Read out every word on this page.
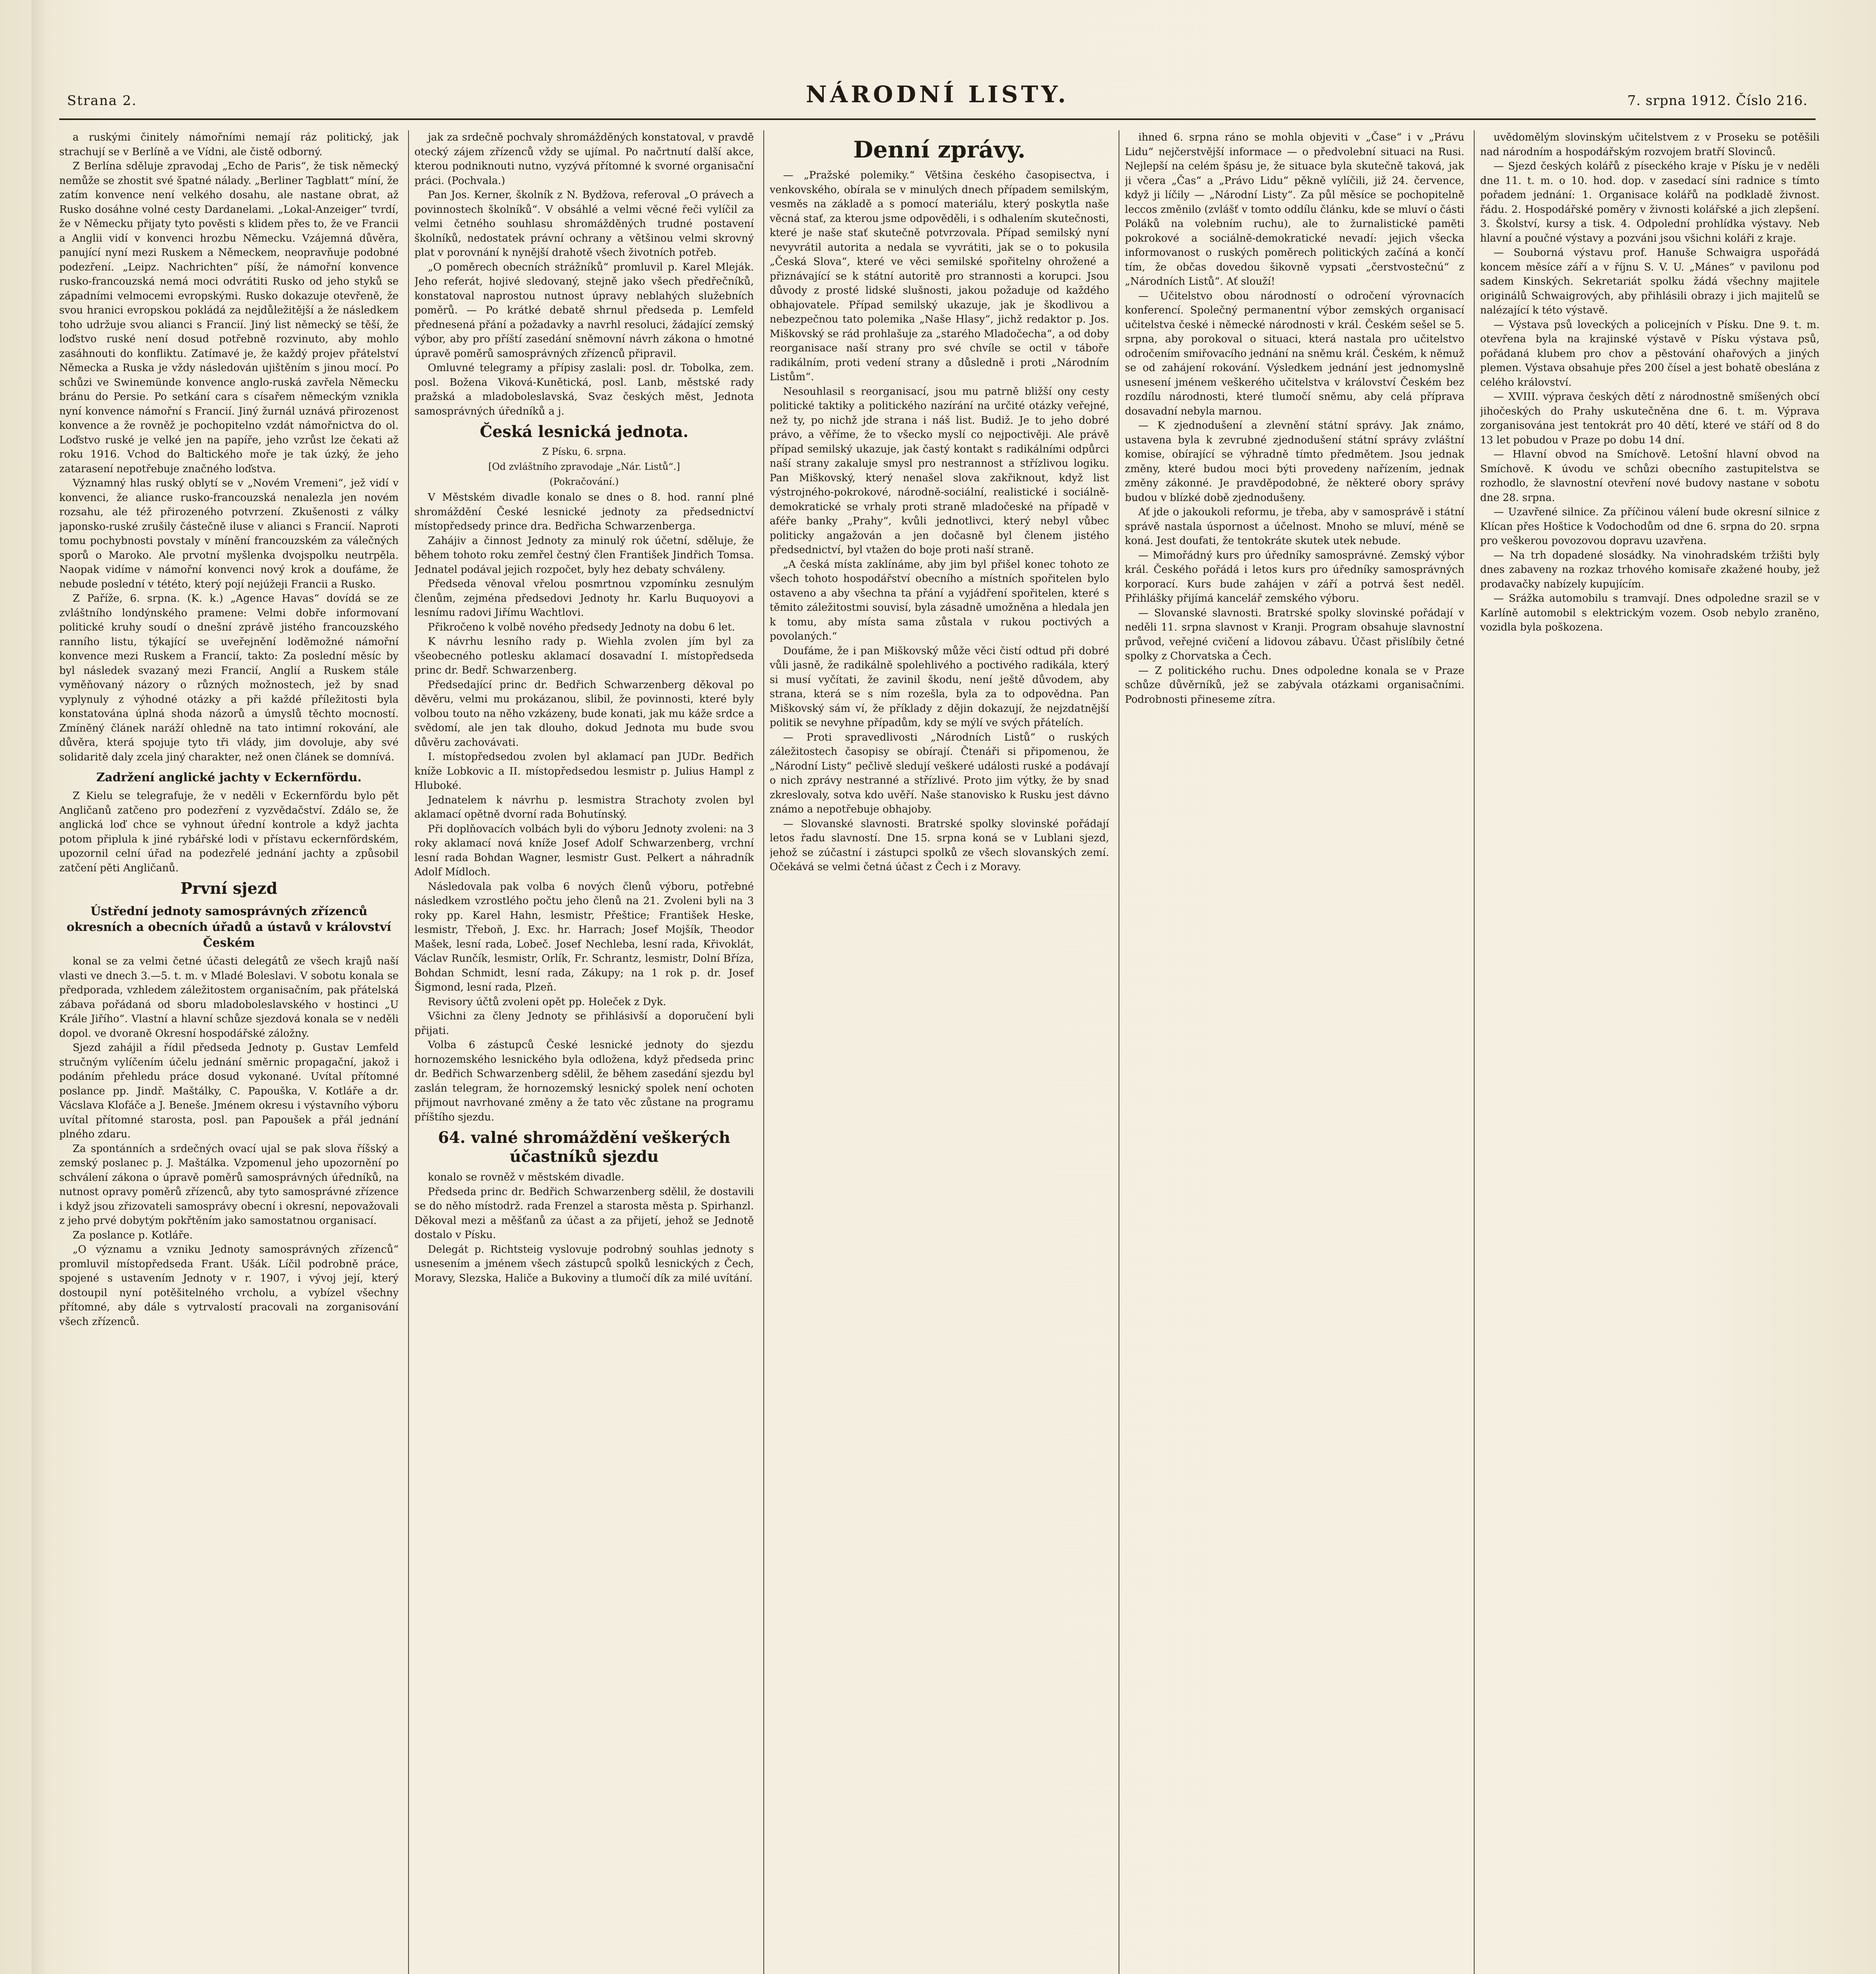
Strana 2.	NÁRODNÍ LISTY.	7. srpna 1912. Číslo 216.

a ruskými činitely námořními nemají ráz politický, jak strachují se v Berlíně a ve Vídni, ale čistě odborný.

Z Berlína sděluje zpravodaj „Echo de Paris“, že tisk německý nemůže se zhostit své špatné nálady. „Berliner Tagblatt“ míní, že zatím konvence není velkého dosahu, ale nastane obrat, až Rusko dosáhne volné cesty Dardanelami. „Lokal-Anzeiger“ tvrdí, že v Německu přijaty tyto pověsti s klidem přes to, že ve Francii a Anglii vidí v konvenci hrozbu Německu. Vzájemná důvěra, panující nyní mezi Ruskem a Německem, neopravňuje podobné podezření. „Leipz. Nachrichten“ píší, že námořní konvence rusko-francouzská nemá moci odvrátiti Rusko od jeho styků se západními velmocemi evropskými. Rusko dokazuje otevřeně, že svou hranici evropskou pokládá za nejdůležitější a že následkem toho udržuje svou alianci s Francií. Jiný list německý se těší, že loďstvo ruské není dosud potřebně rozvinuto, aby mohlo zasáhnouti do konfliktu. Zatímavé je, že každý projev přátelství Německa a Ruska je vždy následován ujištěním s jinou mocí. Po schůzi ve Swinemünde konvence anglo-ruská zavřela Německu bránu do Persie. Po setkání cara s císařem německým vznikla nyní konvence námořní s Francií. Jiný žurnál uznává přirozenost konvence a že rovněž je pochopitelno vzdát námořnictva do ol. Loďstvo ruské je velké jen na papíře, jeho vzrůst lze čekati až roku 1916. Vchod do Baltického moře je tak úzký, že jeho zatarasení nepotřebuje značného loďstva.

Významný hlas ruský oblytí se v „Novém Vremeni“, jež vidí v konvenci, že aliance rusko-francouzská nenalezla jen novém rozsahu, ale též přirozeného potvrzení. Zkušenosti z války japonsko-ruské zrušily částečně iluse v alianci s Francií. Naproti tomu pochybnosti povstaly v mínění francouzském za válečných sporů o Maroko. Ale prvotní myšlenka dvojspolku neutrpěla. Naopak vidíme v námořní konvenci nový krok a doufáme, že nebude poslední v tététo, který pojí nejúžeji Francii a Rusko.

Z Paříže, 6. srpna. (K. k.) „Agence Havas“ dovídá se ze zvláštního londýnského pramene: Velmi dobře informovaní politické kruhy soudí o dnešní zprávě jistého francouzského ranního listu, týkající se uveřejnění loděmožné námořní konvence mezi Ruskem a Francií, takto: Za poslední měsíc by byl následek svazaný mezi Francií, Anglií a Ruskem stále vyměňovaný názory o různých možnostech, jež by snad vyplynuly z výhodné otázky a při každé příležitosti byla konstatována úplná shoda názorů a úmyslů těchto mocností. Zmíněný článek naráží ohledně na tato intimní rokování, ale důvěra, která spojuje tyto tři vlády, jim dovoluje, aby své solidaritě daly zcela jiný charakter, než onen článek se domnívá.

Zadržení anglické jachty v Eckernfördu.

Z Kielu se telegrafuje, že v neděli v Eckernfördu bylo pět Angličanů zatčeno pro podezření z vyzvědačství. Zdálo se, že anglická loď chce se vyhnout úřední kontrole a když jachta potom připlula k jiné rybářské lodi v přístavu eckernfördském, upozornil celní úřad na podezřelé jednání jachty a způsobil zatčení pěti Angličanů.

První sjezd
Ústřední jednoty samosprávných zřízenců okresních a obecních úřadů a ústavů v království Českém

konal se za velmi četné účasti delegátů ze všech krajů naší vlasti ve dnech 3.—5. t. m. v Mladé Boleslavi. V sobotu konala se předporada, vzhledem záležitostem organisačním, pak přátelská zábava pořádaná od sboru mladoboleslavského v hostinci „U Krále Jiřího“. Vlastní a hlavní schůze sjezdová konala se v neděli dopol. ve dvoraně Okresní hospodářské záložny.

Sjezd zahájil a řídil předseda Jednoty p. Gustav Lemfeld stručným vylíčením účelu jednání směrnic propagační, jakož i podáním přehledu práce dosud vykonané. Uvítal přítomné poslance pp. Jindř. Maštálky, C. Papouška, V. Kotláře a dr. Vácslava Klofáče a J. Beneše. Jménem okresu i výstavního výboru uvítal přítomné starosta, posl. pan Papoušek a přál jednání plného zdaru.

Za spontánních a srdečných ovací ujal se pak slova říšský a zemský poslanec p. J. Maštálka. Vzpomenul jeho upozornění po schválení zákona o úpravě poměrů samosprávných úředníků, na nutnost opravy poměrů zřízenců, aby tyto samosprávné zřízence i když jsou zřizovateli samosprávy obecní i okresní, nepovažovali z jeho prvé dobytým pokřtěním jako samostatnou organisací.

Za poslance p. Kotláře.

„O významu a vzniku Jednoty samosprávných zřízenců“ promluvil místopředseda Frant. Ušák. Líčil podrobně práce, spojené s ustavením Jednoty v r. 1907, i vývoj její, který dostoupil nyní potěšitelného vrcholu, a vybízel všechny přítomné, aby dále s vytrvalostí pracovali na zorganisování všech zřízenců.

jak za srdečně pochvaly shromážděných konstatoval, v pravdě otecký zájem zřízenců vždy se ujímal. Po načrtnutí další akce, kterou podniknouti nutno, vyzývá přítomné k svorné organisační práci. (Pochvala.)

Pan Jos. Kerner, školník z N. Bydžova, referoval „O právech a povinnostech školníků“. V obsáhlé a velmi věcné řeči vylíčil za velmi četného souhlasu shromážděných trudné postavení školníků, nedostatek právní ochrany a většinou velmi skrovný plat v porovnání k nynější drahotě všech životních potřeb.

„O poměrech obecních strážníků“ promluvil p. Karel Mleják. Jeho referát, hojivé sledovaný, stejně jako všech předřečníků, konstatoval naprostou nutnost úpravy neblahých služebních poměrů. — Po krátké debatě shrnul předseda p. Lemfeld přednesená přání a požadavky a navrhl resoluci, žádající zemský výbor, aby pro příští zasedání sněmovní návrh zákona o hmotné úpravě poměrů samosprávných zřízenců připravil.

Omluvné telegramy a přípisy zaslali: posl. dr. Tobolka, zem. posl. Božena Viková-Kunětická, posl. Lanb, městské rady pražská a mladoboleslavská, Svaz českých měst, Jednota samosprávných úředníků a j.

Česká lesnická jednota.
Z Písku, 6. srpna.
[Od zvláštního zpravodaje „Nár. Listů“.]
(Pokračování.)

V Městském divadle konalo se dnes o 8. hod. ranní plné shromáždění České lesnické jednoty za předsednictví místopředsedy prince dra. Bedřicha Schwarzenberga.

Zahájiv a činnost Jednoty za minulý rok účetní, sděluje, že během tohoto roku zemřel čestný člen František Jindřich Tomsa. Jednatel podával jejich rozpočet, byly hez debaty schváleny.

Předseda věnoval vřelou posmrtnou vzpomínku zesnulým členům, zejména předsedovi Jednoty hr. Karlu Buquoyovi a lesnímu radovi Jiřímu Wachtlovi.

Přikročeno k volbě nového předsedy Jednoty na dobu 6 let.

K návrhu lesního rady p. Wiehla zvolen jím byl za všeobecného potlesku aklamací dosavadní I. místopředseda princ dr. Bedř. Schwarzenberg.

Předsedající princ dr. Bedřich Schwarzenberg děkoval po děvěru, velmi mu prokázanou, slibil, že povinnosti, které byly volbou touto na něho vzkázeny, bude konati, jak mu káže srdce a svědomí, ale jen tak dlouho, dokud Jednota mu bude svou důvěru zachovávati.

I. místopředsedou zvolen byl aklamací pan JUDr. Bedřich kníže Lobkovic a II. místopředsedou lesmistr p. Julius Hampl z Hluboké.

Jednatelem k návrhu p. lesmistra Strachoty zvolen byl aklamací opětně dvorní rada Bohutínský.

Při doplňovacích volbách byli do výboru Jednoty zvoleni: na 3 roky aklamací nová kníže Josef Adolf Schwarzenberg, vrchní lesní rada Bohdan Wagner, lesmistr Gust. Pelkert a náhradník Adolf Mídloch.

Následovala pak volba 6 nových členů výboru, potřebné následkem vzrostlého počtu jeho členů na 21. Zvoleni byli na 3 roky pp. Karel Hahn, lesmistr, Přeštice; František Heske, lesmistr, Třeboň, J. Exc. hr. Harrach; Josef Mojšík, Theodor Mašek, lesní rada, Lobeč. Josef Nechleba, lesní rada, Křivoklát, Václav Runčík, lesmistr, Orlík, Fr. Schrantz, lesmistr, Dolní Bříza, Bohdan Schmidt, lesní rada, Zákupy; na 1 rok p. dr. Josef Šigmond, lesní rada, Plzeň.

Revisory účtů zvoleni opět pp. Holeček z Dyk.

Všichni za členy Jednoty se přihlásivší a doporučení byli přijati.

Volba 6 zástupců České lesnické jednoty do sjezdu hornozemského lesnického byla odložena, když předseda princ dr. Bedřich Schwarzenberg sdělil, že během zasedání sjezdu byl zaslán telegram, že hornozemský lesnický spolek není ochoten přijmout navrhované změny a že tato věc zůstane na programu příštího sjezdu.

64. valné shromáždění veškerých účastníků sjezdu

konalo se rovněž v městském divadle.

Předseda princ dr. Bedřich Schwarzenberg sdělil, že dostavili se do něho místodrž. rada Frenzel a starosta města p. Spirhanzl. Děkoval mezi a měšťanů za účast a za přijetí, jehož se Jednotě dostalo v Písku.

Delegát p. Richtsteig vyslovuje podrobný souhlas jednoty s usnesením a jménem všech zástupců spolků lesnických z Čech, Moravy, Slezska, Haliče a Bukoviny a tlumočí dík za milé uvítání.

Denní zprávy.

— „Pražské polemiky.“ Většina českého časopisectva, i venkovského, obírala se v minulých dnech případem semilským, vesměs na základě a s pomocí materiálu, který poskytla naše věcná stať, za kterou jsme odpověděli, i s odhalením skutečnosti, které je naše stať skutečně potvrzovala. Případ semilský nyní nevyvrátil autorita a nedala se vyvrátiti, jak se o to pokusila „Česká Slova“, které ve věci semilské spořitelny ohrožené a přiznávající se k státní autoritě pro strannosti a korupci. Jsou důvody z prosté lidské slušnosti, jakou požaduje od každého obhajovatele. Případ semilský ukazuje, jak je škodlivou a nebezpečnou tato polemika „Naše Hlasy“, jichž redaktor p. Jos. Miškovský se rád prohlašuje za „starého Mladočecha“, a od doby reorganisace naší strany pro své chvíle se octil v táboře radikálním, proti vedení strany a důsledně i proti „Národním Listům“.

Nesouhlasil s reorganisací, jsou mu patrně bližší ony cesty politické taktiky a politického nazírání na určité otázky veřejné, než ty, po nichž jde strana i náš list. Budiž. Je to jeho dobré právo, a věříme, že to všecko myslí co nejpoctivěji. Ale právě případ semilský ukazuje, jak častý kontakt s radikálními odpůrci naší strany zakaluje smysl pro nestrannost a střízlivou logiku. Pan Miškovský, který nenašel slova zakřiknout, když list výstrojného-pokrokové, národně-sociální, realistické i sociálně-demokratické se vrhaly proti straně mladočeské na případě v aféře banky „Prahy“, kvůli jednotlivci, který nebyl vůbec politicky angažován a jen dočasně byl členem jistého předsednictví, byl vtažen do boje proti naší straně.

„A česká místa zaklínáme, aby jim byl přišel konec tohoto ze všech tohoto hospodářství obecního a místních spořitelen bylo ostaveno a aby všechna ta přání a vyjádření spořitelen, které s těmito záležitostmi souvisí, byla zásadně umožněna a hledala jen k tomu, aby místa sama zůstala v rukou poctivých a povolaných.“

Doufáme, že i pan Miškovský může věci čistí odtud při dobré vůli jasně, že radikálně spolehlivého a poctivého radikála, který si musí vyčítati, že zavinil škodu, není ještě důvodem, aby strana, která se s ním rozešla, byla za to odpovědna. Pan Miškovský sám ví, že příklady z dějin dokazují, že nejzdatnější politik se nevyhne případům, kdy se mýlí ve svých přátelích.

— Proti spravedlivosti „Národních Listů“ o ruských záležitostech časopisy se obírají. Čtenáři si připomenou, že „Národní Listy“ pečlivě sledují veškeré události ruské a podávají o nich zprávy nestranné a střízlivé. Proto jim výtky, že by snad zkreslovaly, sotva kdo uvěří. Naše stanovisko k Rusku jest dávno známo a nepotřebuje obhajoby.

— Slovanské slavnosti. Bratrské spolky slovinské pořádají letos řadu slavností. Dne 15. srpna koná se v Lublani sjezd, jehož se zúčastní i zástupci spolků ze všech slovanských zemí. Očekává se velmi četná účast z Čech i z Moravy.

ihned 6. srpna ráno se mohla objeviti v „Čase“ i v „Právu Lidu“ nejčerstvější informace — o předvolební situaci na Rusi. Nejlepší na celém špásu je, že situace byla skutečně taková, jak ji včera „Čas“ a „Právo Lidu“ pěkně vylíčili, již 24. července, když ji líčily — „Národní Listy“. Za půl měsíce se pochopitelně leccos změnilo (zvlášť v tomto oddílu článku, kde se mluví o části Poláků na volebním ruchu), ale to žurnalistické paměti pokrokové a sociálně-demokratické nevadí: jejich všecka informovanost o ruských poměrech politických začíná a končí tím, že občas dovedou šikovně vypsati „čerstvostečnú“ z „Národních Listů“. Ať slouží!

— Učitelstvo obou národností o odročení výrovnacích konferencí. Společný permanentní výbor zemských organisací učitelstva české i německé národnosti v král. Českém sešel se 5. srpna, aby porokoval o situaci, která nastala pro učitelstvo odročením smiřovacího jednání na sněmu král. Českém, k němuž se od zahájení rokování. Výsledkem jednání jest jednomyslně usnesení jménem veškerého učitelstva v království Českém bez rozdílu národnosti, které tlumočí sněmu, aby celá příprava dosavadní nebyla marnou.

— K zjednodušení a zlevnění státní správy. Jak známo, ustavena byla k zevrubné zjednodušení státní správy zvláštní komise, obírající se výhradně tímto předmětem. Jsou jednak změny, které budou moci býti provedeny nařízením, jednak změny zákonné. Je pravděpodobné, že některé obory správy budou v blízké době zjednodušeny.

Ať jde o jakoukoli reformu, je třeba, aby v samosprávě i státní správě nastala úspornost a účelnost. Mnoho se mluví, méně se koná. Jest doufati, že tentokráte skutek utek nebude.

— Mimořádný kurs pro úředníky samosprávné. Zemský výbor král. Českého pořádá i letos kurs pro úředníky samosprávných korporací. Kurs bude zahájen v září a potrvá šest neděl. Přihlášky přijímá kancelář zemského výboru.

— Slovanské slavnosti. Bratrské spolky slovinské pořádají v neděli 11. srpna slavnost v Kranji. Program obsahuje slavnostní průvod, veřejné cvičení a lidovou zábavu. Účast přislíbily četné spolky z Chorvatska a Čech.

— Z politického ruchu. Dnes odpoledne konala se v Praze schůze důvěrníků, jež se zabývala otázkami organisačními. Podrobnosti přineseme zítra.

uvědomělým slovinským učitelstvem z v Proseku se potěšili nad národním a hospodářským rozvojem bratří Slovinců.

— Sjezd českých kolářů z píseckého kraje v Písku je v neděli dne 11. t. m. o 10. hod. dop. v zasedací síni radnice s tímto pořadem jednání: 1. Organisace kolářů na podkladě živnost. řádu. 2. Hospodářské poměry v živnosti kolářské a jich zlepšení. 3. Školství, kursy a tisk. 4. Odpolední prohlídka výstavy. Neb hlavní a poučné výstavy a pozváni jsou všichni koláři z kraje.

— Souborná výstavu prof. Hanuše Schwaigra uspořádá koncem měsíce září a v říjnu S. V. U. „Mánes“ v pavilonu pod sadem Kinských. Sekretariát spolku žádá všechny majitele originálů Schwaigrových, aby přihlásili obrazy i jich majitelů se nalézající k této výstavě.

— Výstava psů loveckých a policejních v Písku. Dne 9. t. m. otevřena byla na krajinské výstavě v Písku výstava psů, pořádaná klubem pro chov a pěstování ohařových a jiných plemen. Výstava obsahuje přes 200 čísel a jest bohatě obeslána z celého království.

— XVIII. výprava českých dětí z národnostně smíšených obcí jihočeských do Prahy uskutečněna dne 6. t. m. Výprava zorganisována jest tentokrát pro 40 dětí, které ve stáří od 8 do 13 let pobudou v Praze po dobu 14 dní.

— Hlavní obvod na Smíchově. Letošní hlavní obvod na Smíchově. K úvodu ve schůzi obecního zastupitelstva se rozhodlo, že slavnostní otevření nové budovy nastane v sobotu dne 28. srpna.

— Uzavřené silnice. Za příčinou válení bude okresní silnice z Klícan přes Hoštice k Vodochodům od dne 6. srpna do 20. srpna pro veškerou povozovou dopravu uzavřena.

— Na trh dopadené slosádky. Na vinohradském tržišti byly dnes zabaveny na rozkaz trhového komisaře zkažené houby, jež prodavačky nabízely kupujícím.

— Srážka automobilu s tramvají. Dnes odpoledne srazil se v Karlíně automobil s elektrickým vozem. Osob nebylo zraněno, vozidla byla poškozena.
